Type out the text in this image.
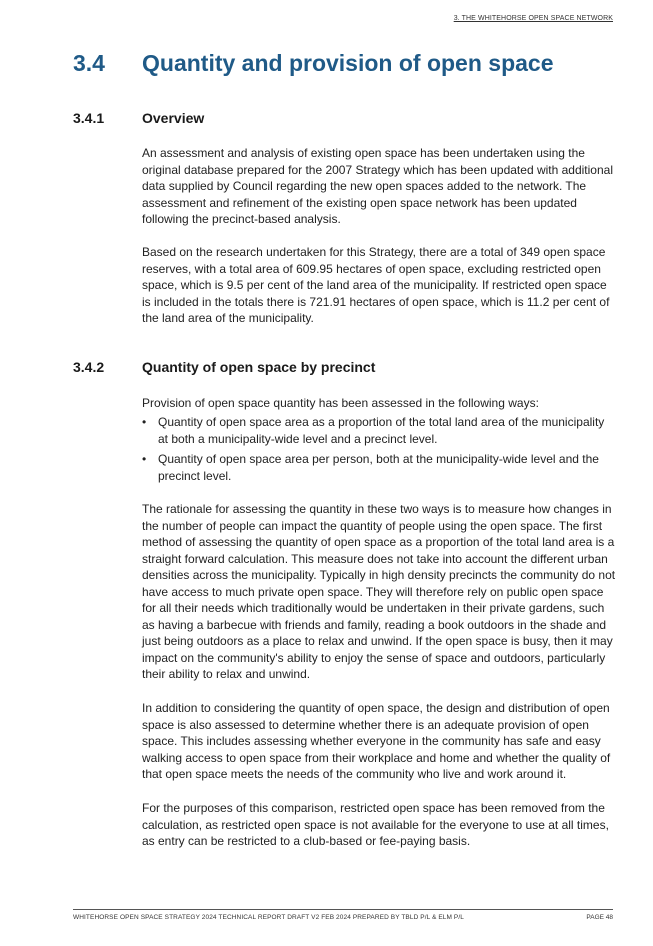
3. THE WHITEHORSE OPEN SPACE NETWORK
3.4 Quantity and provision of open space
3.4.1	Overview

An assessment and analysis of existing open space has been undertaken using the original database prepared for the 2007 Strategy which has been updated with additional data supplied by Council regarding the new open spaces added to the network. The assessment and refinement of the existing open space network has been updated following the precinct-based analysis.

Based on the research undertaken for this Strategy, there are a total of 349 open space reserves, with a total area of 609.95 hectares of open space, excluding restricted open space, which is 9.5 per cent of the land area of the municipality. If restricted open space is included in the totals there is 721.91 hectares of open space, which is 11.2 per cent of the land area of the municipality.

3.4.2	Quantity of open space by precinct

Provision of open space quantity has been assessed in the following ways:

• Quantity of open space area as a proportion of the total land area of the municipality at both a municipality-wide level and a precinct level.
• Quantity of open space area per person, both at the municipality-wide level and the precinct level.

The rationale for assessing the quantity in these two ways is to measure how changes in the number of people can impact the quantity of people using the open space. The first method of assessing the quantity of open space as a proportion of the total land area is a straight forward calculation. This measure does not take into account the different urban densities across the municipality. Typically in high density precincts the community do not have access to much private open space. They will therefore rely on public open space for all their needs which traditionally would be undertaken in their private gardens, such as having a barbecue with friends and family, reading a book outdoors in the shade and just being outdoors as a place to relax and unwind. If the open space is busy, then it may impact on the community's ability to enjoy the sense of space and outdoors, particularly their ability to relax and unwind.

In addition to considering the quantity of open space, the design and distribution of open space is also assessed to determine whether there is an adequate provision of open space. This includes assessing whether everyone in the community has safe and easy walking access to open space from their workplace and home and whether the quality of that open space meets the needs of the community who live and work around it.

For the purposes of this comparison, restricted open space has been removed from the calculation, as restricted open space is not available for the everyone to use at all times, as entry can be restricted to a club-based or fee-paying basis.

WHITEHORSE OPEN SPACE STRATEGY 2024 TECHNICAL REPORT DRAFT V2 FEB 2024 PREPARED BY TBLD P/L & ELM P/L	PAGE 48
